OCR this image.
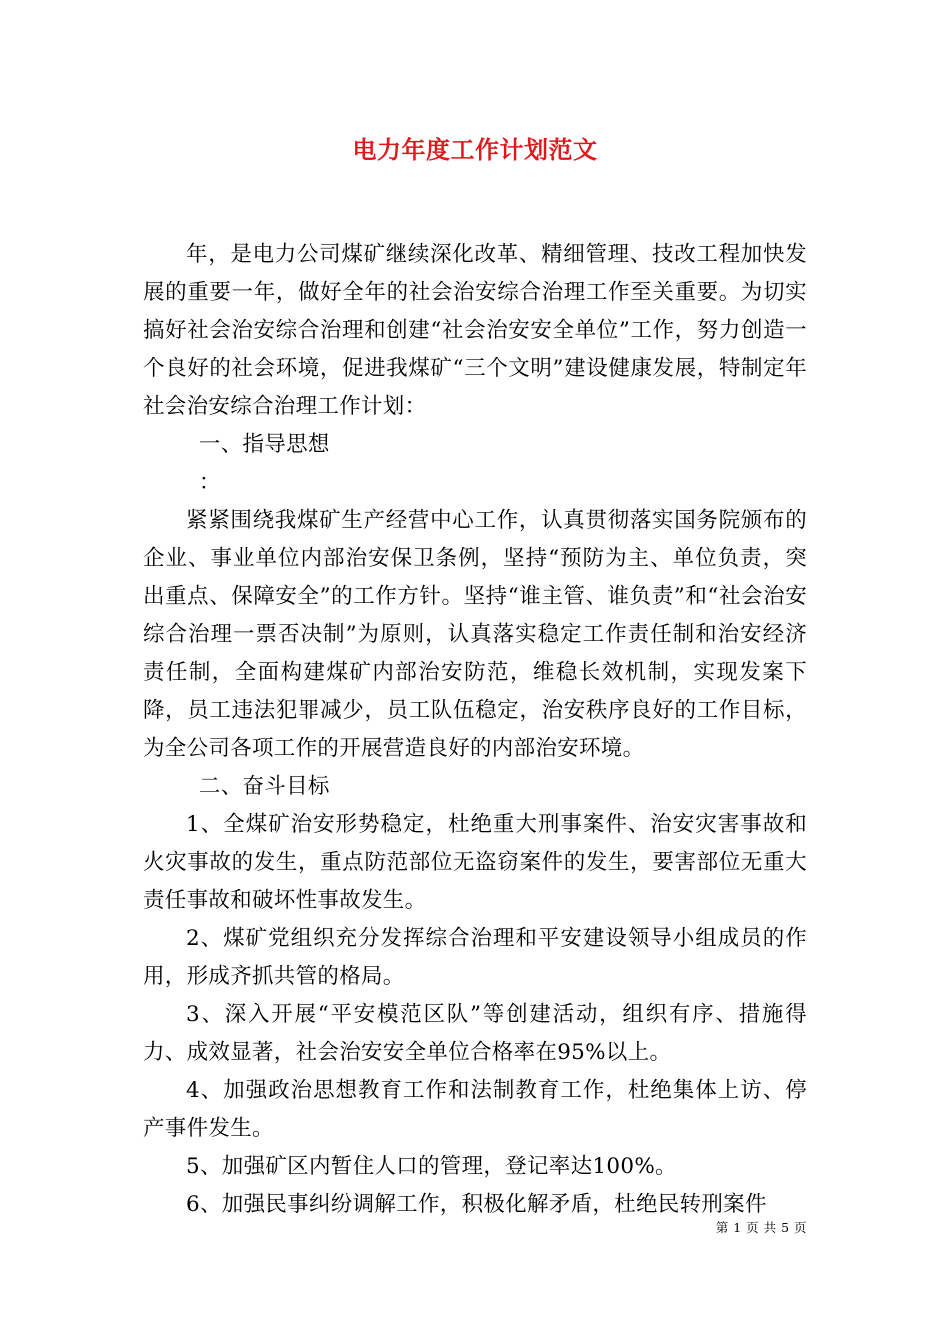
电力年度工作计划范文

年，是电力公司煤矿继续深化改革、精细管理、技改工程加快发展的重要一年，做好全年的社会治安综合治理工作至关重要。为切实搞好社会治安综合治理和创建“社会治安安全单位”工作，努力创造一个良好的社会环境，促进我煤矿“三个文明”建设健康发展，特制定年社会治安综合治理工作计划：

一、指导思想

：

紧紧围绕我煤矿生产经营中心工作，认真贯彻落实国务院颁布的企业、事业单位内部治安保卫条例，坚持“预防为主、单位负责，突出重点、保障安全”的工作方针。坚持“谁主管、谁负责”和“社会治安综合治理一票否决制”为原则，认真落实稳定工作责任制和治安经济责任制，全面构建煤矿内部治安防范，维稳长效机制，实现发案下降，员工违法犯罪减少，员工队伍稳定，治安秩序良好的工作目标，为全公司各项工作的开展营造良好的内部治安环境。

二、奋斗目标

1、全煤矿治安形势稳定，杜绝重大刑事案件、治安灾害事故和火灾事故的发生，重点防范部位无盗窃案件的发生，要害部位无重大责任事故和破坏性事故发生。

2、煤矿党组织充分发挥综合治理和平安建设领导小组成员的作用，形成齐抓共管的格局。

3、深入开展“平安模范区队”等创建活动，组织有序、措施得力、成效显著，社会治安安全单位合格率在95%以上。

4、加强政治思想教育工作和法制教育工作，杜绝集体上访、停产事件发生。

5、加强矿区内暂住人口的管理，登记率达100%。

6、加强民事纠纷调解工作，积极化解矛盾，杜绝民转刑案件

第 1 页 共 5 页
